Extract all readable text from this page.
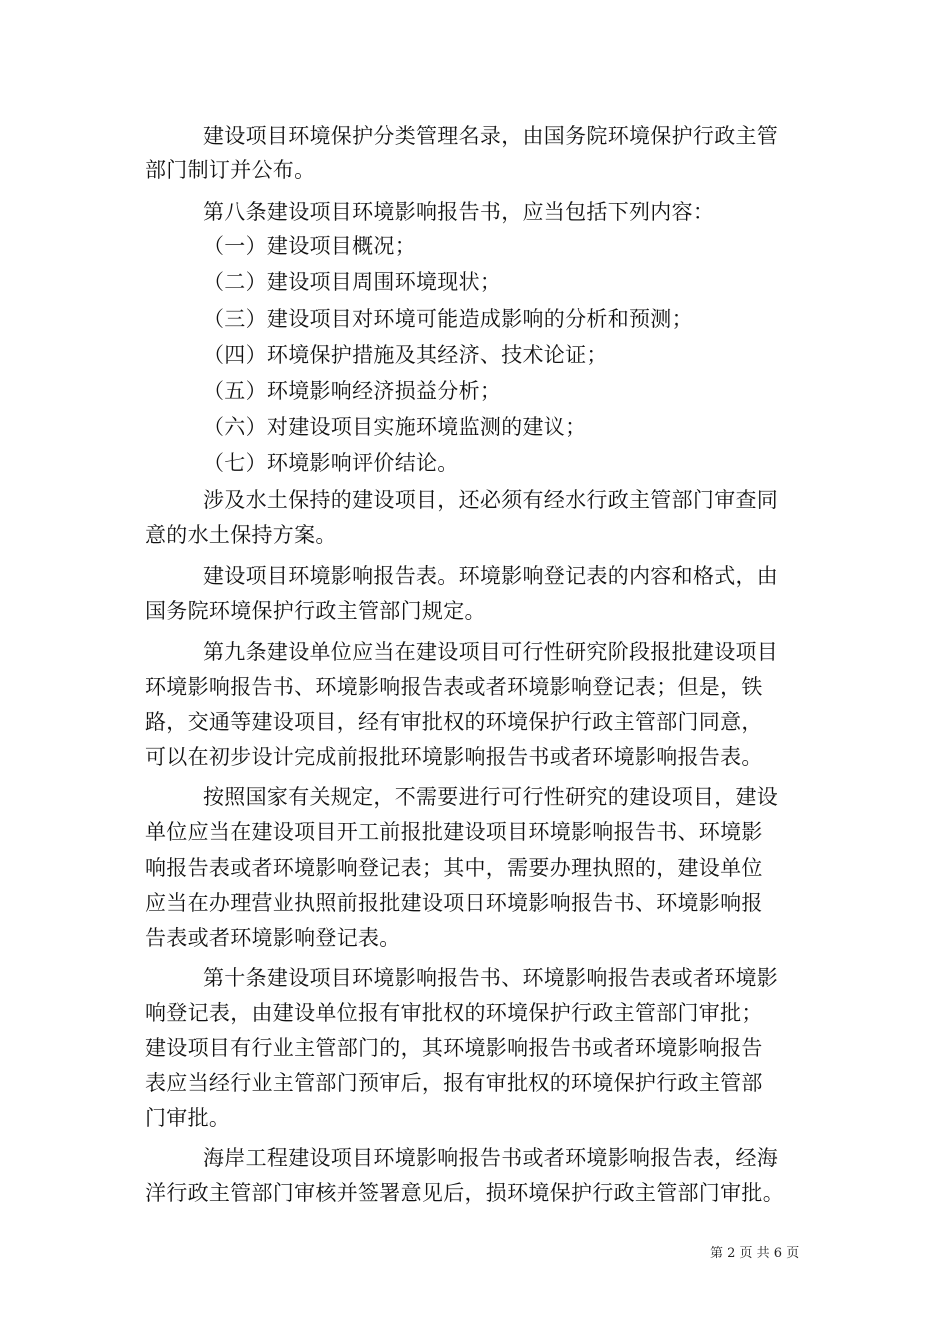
建设项目环境保护分类管理名录，由国务院环境保护行政主管
部门制订并公布。
第八条建设项目环境影响报告书，应当包括下列内容：
（一）建设项目概况；
（二）建设项目周围环境现状；
（三）建设项目对环境可能造成影响的分析和预测；
（四）环境保护措施及其经济、技术论证；
（五）环境影响经济损益分析；
（六）对建设项目实施环境监测的建议；
（七）环境影响评价结论。
涉及水土保持的建设项目，还必须有经水行政主管部门审查同
意的水土保持方案。
建设项目环境影响报告表。环境影响登记表的内容和格式，由
国务院环境保护行政主管部门规定。
第九条建设单位应当在建设项目可行性研究阶段报批建设项目
环境影响报告书、环境影响报告表或者环境影响登记表；但是，铁
路，交通等建设项目，经有审批权的环境保护行政主管部门同意，
可以在初步设计完成前报批环境影响报告书或者环境影响报告表。
按照国家有关规定，不需要进行可行性研究的建设项目，建设
单位应当在建设项目开工前报批建设项目环境影响报告书、环境影
响报告表或者环境影响登记表；其中，需要办理执照的，建设单位
应当在办理营业执照前报批建设项日环境影响报告书、环境影响报
告表或者环境影响登记表。
第十条建设项目环境影响报告书、环境影响报告表或者环境影
响登记表，由建设单位报有审批权的环境保护行政主管部门审批；
建设项目有行业主管部门的，其环境影响报告书或者环境影响报告
表应当经行业主管部门预审后，报有审批权的环境保护行政主管部
门审批。
海岸工程建设项目环境影响报告书或者环境影响报告表，经海
洋行政主管部门审核并签署意见后，损环境保护行政主管部门审批。
第 2 页 共 6 页
